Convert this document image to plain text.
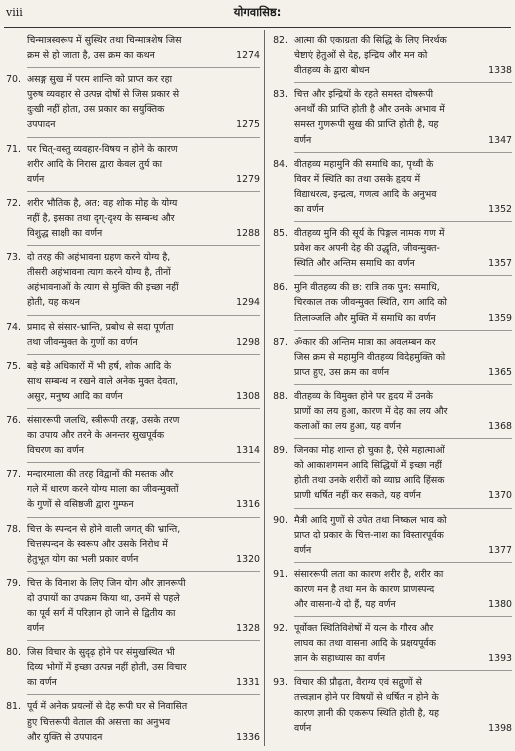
viii	योगवासिष्ठ:
चिन्मात्रस्वरूप में सुस्थिर तथा चिन्मात्रशेष जिस
क्रम से हो जाता है, उस क्रम का कथन	1274
70. असङ्ग सुख में परम शान्ति को प्राप्त कर रहा
पुरुष व्यवहार से उत्पन्न दोषों से जिस प्रकार से
दुःखी नहीं होता, उस प्रकार का सयुक्तिक
उपपादन	1275
71. पर चित्-वस्तु व्यवहार-विषय न होने के कारण
शरीर आदि के निरास द्वारा केवल तुर्य का
वर्णन	1279
72. शरीर भौतिक है, अत: वह शोक मोह के योग्य
नहीं है, इसका तथा दृग्-दृश्य के सम्बन्ध और
विशुद्ध साक्षी का वर्णन	1288
73. दो तरह की अहंभावना ग्रहण करने योग्य है,
तीसरी अहंभावना त्याग करने योग्य है, तीनों
अहंभावनाओं के त्याग से मुक्ति की इच्छा नहीं
होती, यह कथन	1294
74. प्रमाद से संसार-भ्रान्ति, प्रबोध से सदा पूर्णता
तथा जीवन्मुक्त के गुणों का वर्णन	1298
75. बड़े बड़े अधिकारों में भी हर्ष, शोक आदि के
साथ सम्बन्ध न रखने वाले अनेक मुक्त देवता,
असुर, मनुष्य आदि का वर्णन	1308
76. संसाररूपी जलधि, स्त्रीरूपी तरङ्ग, उसके तरण
का उपाय और तरने के अनन्तर सुखपूर्वक
विचरण का वर्णन	1314
77. मन्दारमाला की तरह विद्वानों की मस्तक और
गले में धारण करने योग्य माला का जीवन्मुक्तों
के गुणों से वसिष्ठजी द्वारा गुम्फन	1316
78. चित्त के स्पन्दन से होने वाली जगत् की भ्रान्ति,
चित्तस्पन्दन के स्वरूप और उसके निरोध में
हेतुभूत योग का भली प्रकार वर्णन	1320
79. चित्त के विनाश के लिए जिन योग और ज्ञानरूपी
दो उपायों का उपक्रम किया था, उनमें से पहले
का पूर्व सर्ग में परिज्ञान हो जाने से द्वितीय का
वर्णन	1328
80. जिस विचार के सुदृढ़ होने पर संमुखस्थित भी
दिव्य भोगों में इच्छा उत्पन्न नहीं होती, उस विचार
का वर्णन	1331
81. पूर्व में अनेक प्रयत्नों से देह रूपी घर से निवासित
हुए चित्तरूपी वेताल की असत्ता का अनुभव
और युक्ति से उपपादन	1336
82. आत्मा की एकाग्रता की सिद्धि के लिए निरर्थक
चेष्टाएं हेतुओं से देह, इन्द्रिय और मन को
वीतहव्य के द्वारा बोधन	1338
83. चित्त और इन्द्रियों के रहते समस्त दोषरूपी
अनर्थों की प्राप्ति होती है और उनके अभाव में
समस्त गुणरूपी सुख की प्राप्ति होती है, यह
वर्णन	1347
84. वीतहव्य महामुनि की समाधि का, पृथ्वी के
विवर में स्थिति का तथा उसके हृदय में
विद्याधरत्व, इन्द्रत्व, गणत्व आदि के अनुभव
का वर्णन	1352
85. वीतहव्य मुनि की सूर्य के पिङ्गल नामक गण में
प्रवेश कर अपनी देह की उद्धृति, जीवन्मुक्त-
स्थिति और अन्तिम समाधि का वर्णन	1357
86. मुनि वीतहव्य की छ: रात्रि तक पुन: समाधि,
चिरकाल तक जीवन्मुक्त स्थिति, राग आदि को
तिलाञ्जलि और मुक्ति में समाधि का वर्णन	1359
87. ॐकार की अन्तिम मात्रा का अवलम्बन कर
जिस क्रम से महामुनि वीतहव्य विदेहमुक्ति को
प्राप्त हुए, उस क्रम का वर्णन	1365
88. वीतहव्य के विमुक्त होने पर हृदय में उनके
प्राणों का लय हुआ, कारण में देह का लय और
कलाओं का लय हुआ, यह वर्णन	1368
89. जिनका मोह शान्त हो चुका है, ऐसे महात्माओं
को आकाशगमन आदि सिद्धियों में इच्छा नहीं
होती तथा उनके शरीरों को व्याघ्र आदि हिंसक
प्राणी धर्षित नहीं कर सकते, यह वर्णन	1370
90. मैत्री आदि गुणों से उपेत तथा निष्कल भाव को
प्राप्त दो प्रकार के चित्त-नाश का विस्तारपूर्वक
वर्णन	1377
91. संसाररूपी लता का कारण शरीर है, शरीर का
कारण मन है तथा मन के कारण प्राणस्पन्द
और वासना-ये दो हैं, यह वर्णन	1380
92. पूर्वोक्त स्थितिविशेषों में यत्न के गौरव और
लाघव का तथा वासना आदि के प्रक्षयपूर्वक
ज्ञान के सहाध्यास का वर्णन	1393
93. विचार की प्रौढ़ता, वैराग्य एवं सद्गुणों से
तत्त्वज्ञान होने पर विषयों से धर्षित न होने के
कारण ज्ञानी की एकरूप स्थिति होती है, यह
वर्णन	1398
